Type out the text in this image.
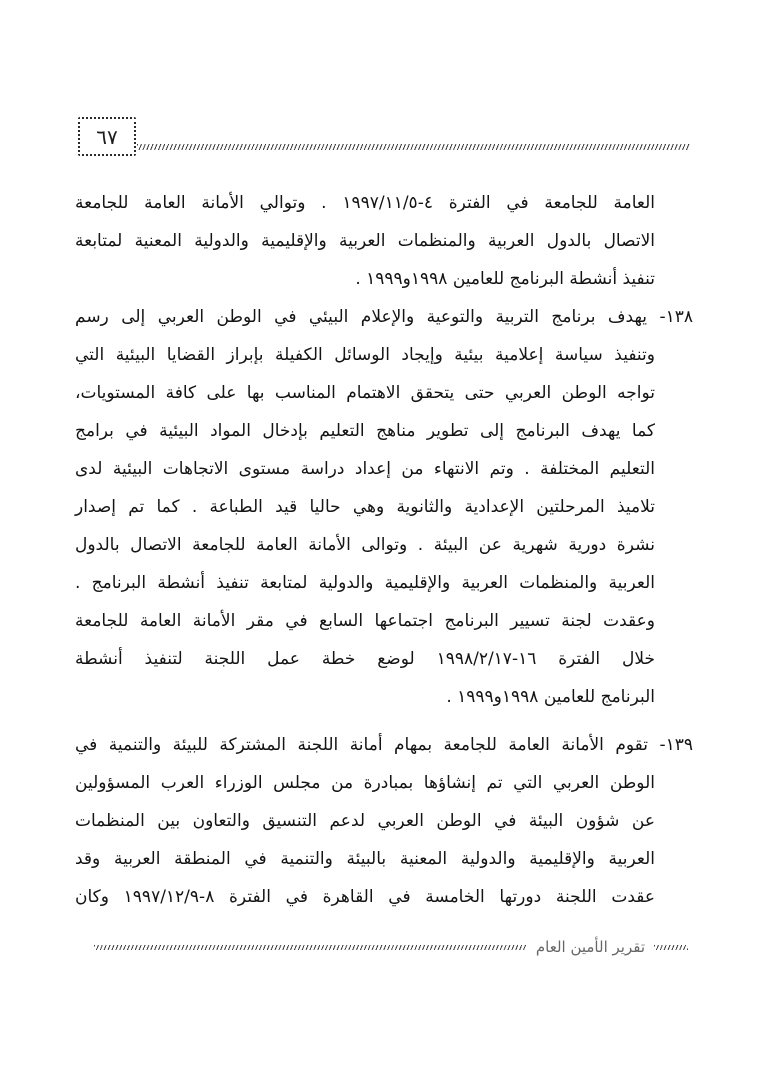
٦٧
العامة للجامعة في الفترة ٤-١٩٩٧/١١/٥ . وتوالي الأمانة العامة للجامعة
الاتصال بالدول العربية والمنظمات العربية والإقليمية والدولية المعنية لمتابعة
تنفيذ أنشطة البرنامج للعامين ١٩٩٨و١٩٩٩ .
١٣٨- يهدف برنامج التربية والتوعية والإعلام البيئي في الوطن العربي إلى رسم
وتنفيذ سياسة إعلامية بيئية وإيجاد الوسائل الكفيلة بإبراز القضايا البيئية التي
تواجه الوطن العربي حتى يتحقق الاهتمام المناسب بها على كافة المستويات،
كما يهدف البرنامج إلى تطوير مناهج التعليم بإدخال المواد البيئية في برامج
التعليم المختلفة . وتم الانتهاء من إعداد دراسة مستوى الاتجاهات البيئية لدى
تلاميذ المرحلتين الإعدادية والثانوية وهي حاليا قيد الطباعة . كما تم إصدار
نشرة دورية شهرية عن البيئة . وتوالى الأمانة العامة للجامعة الاتصال بالدول
العربية والمنظمات العربية والإقليمية والدولية لمتابعة تنفيذ أنشطة البرنامج .
وعقدت لجنة تسيير البرنامج اجتماعها السابع في مقر الأمانة العامة للجامعة
خلال الفترة ١٦-١٩٩٨/٢/١٧ لوضع خطة عمل اللجنة لتنفيذ أنشطة
البرنامج للعامين ١٩٩٨و١٩٩٩ .
١٣٩- تقوم الأمانة العامة للجامعة بمهام أمانة اللجنة المشتركة للبيئة والتنمية في
الوطن العربي التي تم إنشاؤها بمبادرة من مجلس الوزراء العرب المسؤولين
عن شؤون البيئة في الوطن العربي لدعم التنسيق والتعاون بين المنظمات
العربية والإقليمية والدولية المعنية بالبيئة والتنمية في المنطقة العربية وقد
عقدت اللجنة دورتها الخامسة في القاهرة في الفترة ٨-١٩٩٧/١٢/٩ وكان
تقرير الأمين العام
